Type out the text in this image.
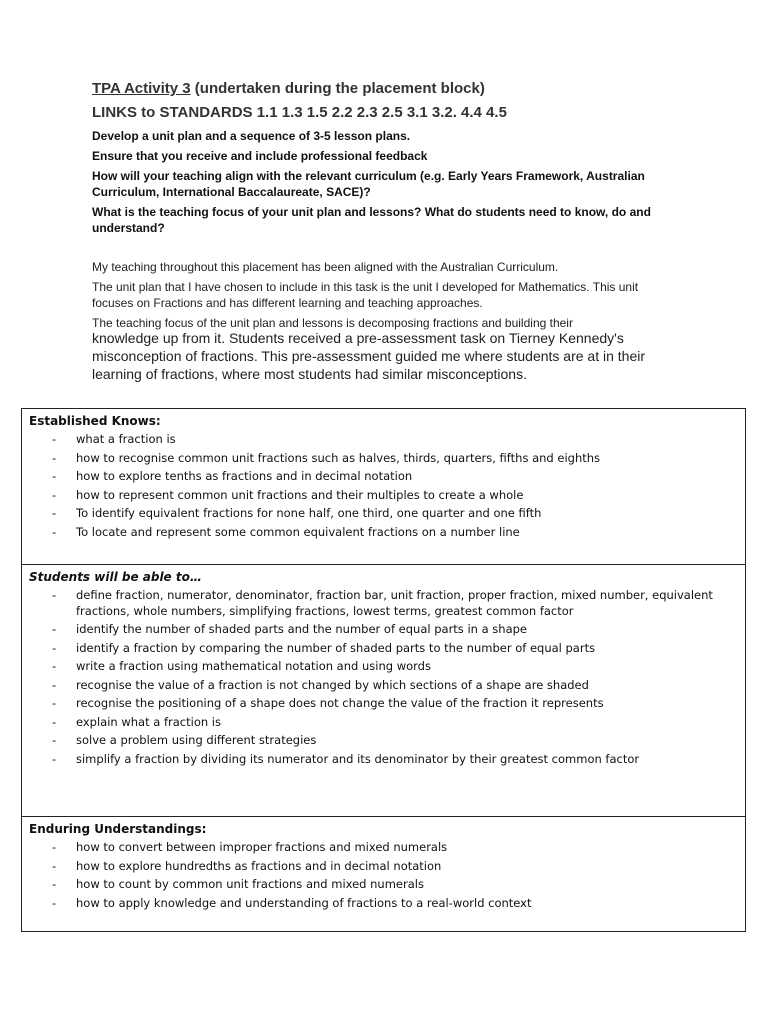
TPA Activity 3 (undertaken during the placement block)
LINKS to STANDARDS 1.1 1.3 1.5 2.2 2.3 2.5 3.1 3.2. 4.4 4.5

Develop a unit plan and a sequence of 3-5 lesson plans.

Ensure that you receive and include professional feedback

How will your teaching align with the relevant curriculum (e.g. Early Years Framework, Australian Curriculum, International Baccalaureate, SACE)?

What is the teaching focus of your unit plan and lessons? What do students need to know, do and understand?

My teaching throughout this placement has been aligned with the Australian Curriculum.

The unit plan that I have chosen to include in this task is the unit I developed for Mathematics. This unit focuses on Fractions and has different learning and teaching approaches.

The teaching focus of the unit plan and lessons is decomposing fractions and building their

knowledge up from it. Students received a pre-assessment task on Tierney Kennedy's misconception of fractions. This pre-assessment guided me where students are at in their learning of fractions, where most students had similar misconceptions.

Established Knows:
- what a fraction is
- how to recognise common unit fractions such as halves, thirds, quarters, fifths and eighths
- how to explore tenths as fractions and in decimal notation
- how to represent common unit fractions and their multiples to create a whole
- To identify equivalent fractions for none half, one third, one quarter and one fifth
- To locate and represent some common equivalent fractions on a number line
Students will be able to…
- define fraction, numerator, denominator, fraction bar, unit fraction, proper fraction, mixed number, equivalent fractions, whole numbers, simplifying fractions, lowest terms, greatest common factor
- identify the number of shaded parts and the number of equal parts in a shape
- identify a fraction by comparing the number of shaded parts to the number of equal parts
- write a fraction using mathematical notation and using words
- recognise the value of a fraction is not changed by which sections of a shape are shaded
- recognise the positioning of a shape does not change the value of the fraction it represents
- explain what a fraction is
- solve a problem using different strategies
- simplify a fraction by dividing its numerator and its denominator by their greatest common factor
Enduring Understandings:
- how to convert between improper fractions and mixed numerals
- how to explore hundredths as fractions and in decimal notation
- how to count by common unit fractions and mixed numerals
- how to apply knowledge and understanding of fractions to a real-world context
